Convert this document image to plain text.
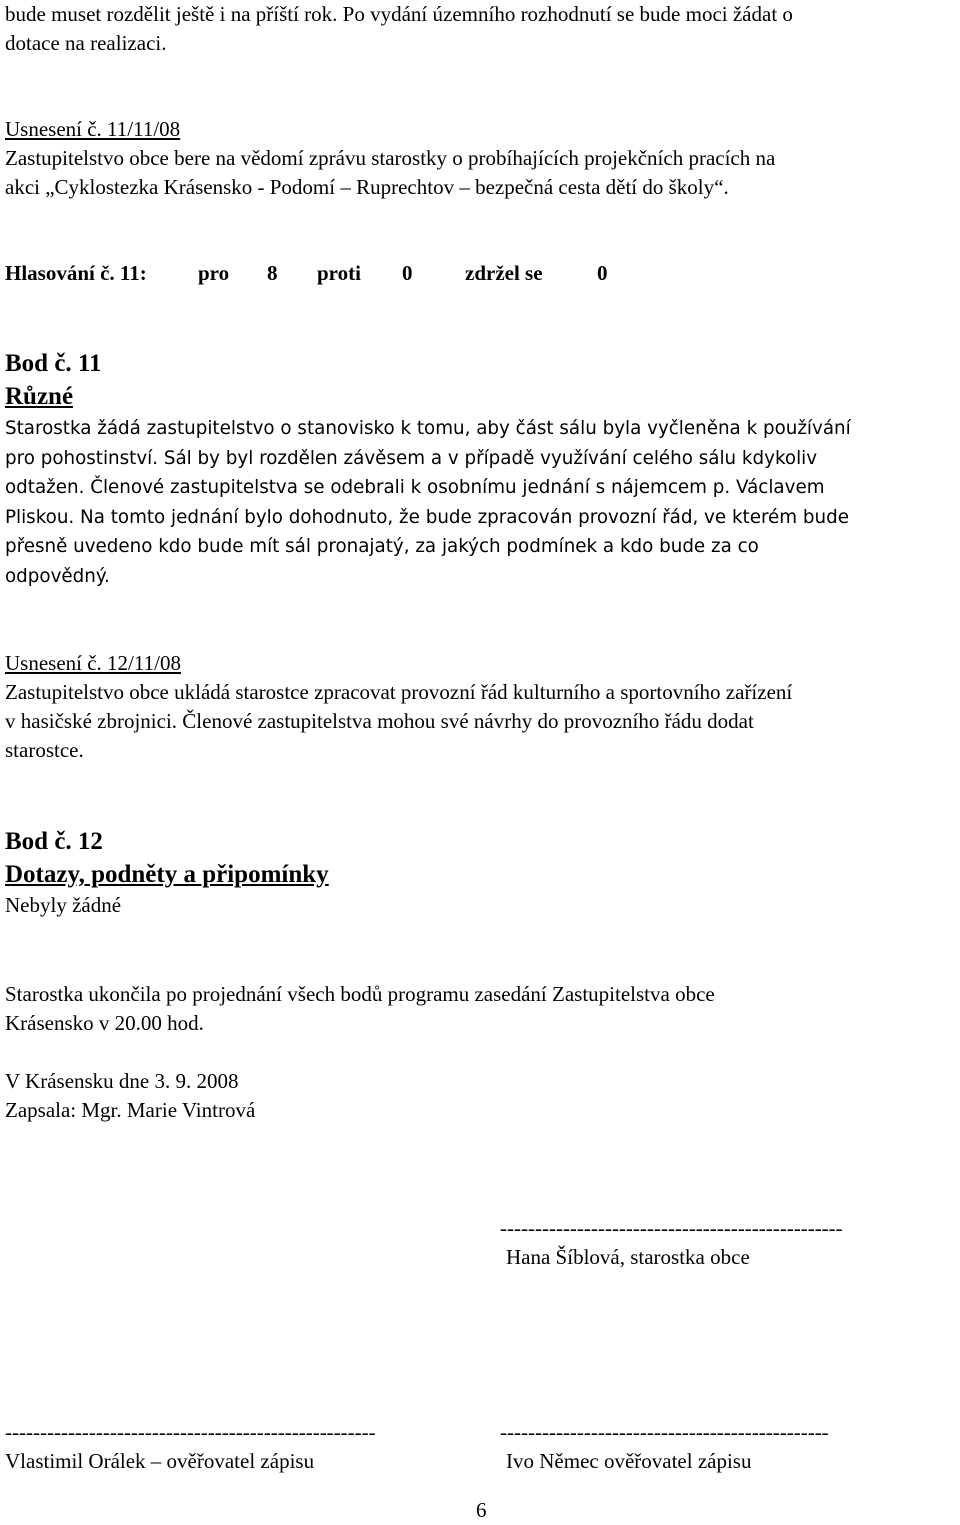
bude muset rozdělit ještě i na příští rok. Po vydání územního rozhodnutí se bude moci žádat o
dotace na realizaci.
Usnesení č. 11/11/08
Zastupitelstvo obce bere na vědomí zprávu starostky o probíhajících projekčních pracích na
akci „Cyklostezka Krásensko - Podomí – Ruprechtov – bezpečná cesta dětí do školy“.
Hlasování č. 11: pro 8 proti 0	zdržel se	0
Bod č. 11
Různé
Starostka žádá zastupitelstvo o stanovisko k tomu, aby část sálu byla vyčleněna k používání
pro pohostinství. Sál by byl rozdělen závěsem a v případě využívání celého sálu kdykoliv
odtažen. Členové zastupitelstva se odebrali k osobnímu jednání s nájemcem p. Václavem
Pliskou. Na tomto jednání bylo dohodnuto, že bude zpracován provozní řád, ve kterém bude
přesně uvedeno kdo bude mít sál pronajatý, za jakých podmínek a kdo bude za co
odpovědný.
Usnesení č. 12/11/08
Zastupitelstvo obce ukládá starostce zpracovat provozní řád kulturního a sportovního zařízení
v hasičské zbrojnici. Členové zastupitelstva mohou své návrhy do provozního řádu dodat
starostce.
Bod č. 12
Dotazy, podněty a připomínky
Nebyly žádné
Starostka ukončila po projednání všech bodů programu zasedání Zastupitelstva obce
Krásensko v 20.00 hod.
V Krásensku dne 3. 9. 2008
Zapsala: Mgr. Marie Vintrová
-------------------------------------------------
Hana Šíblová, starostka obce
-----------------------------------------------------
Vlastimil Orálek – ověřovatel zápisu
-----------------------------------------------
Ivo Němec ověřovatel zápisu
6
